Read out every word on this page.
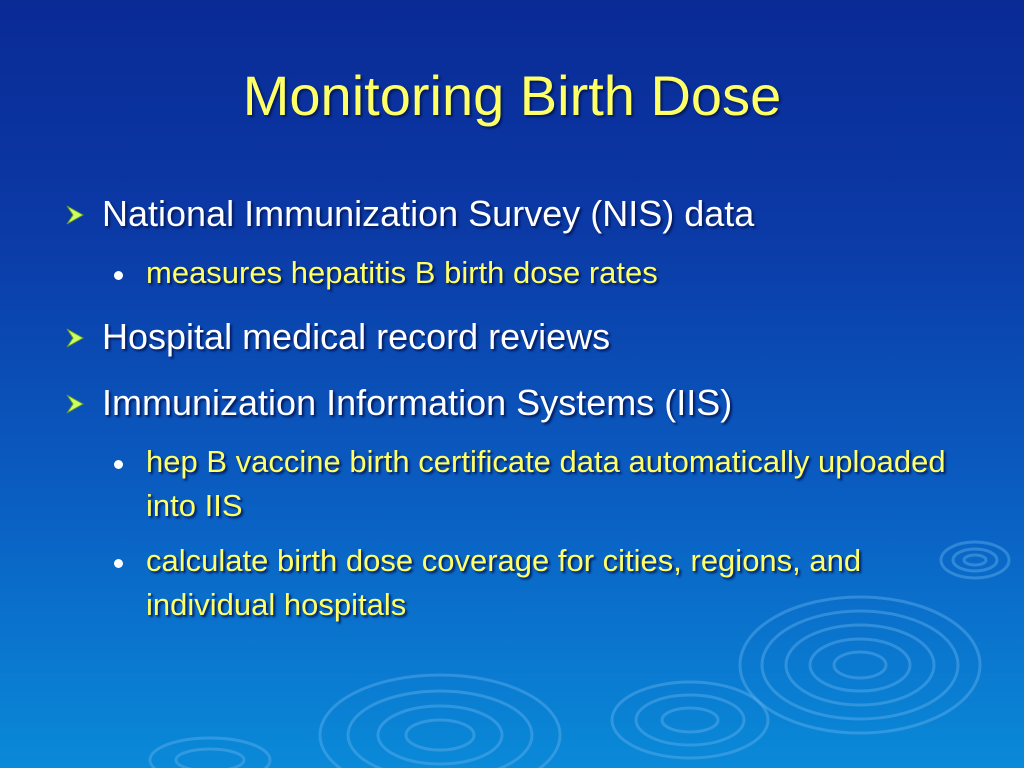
Monitoring Birth Dose
National Immunization Survey (NIS) data
measures hepatitis B birth dose rates
Hospital medical record reviews
Immunization Information Systems (IIS)
hep B vaccine birth certificate data automatically uploaded into IIS
calculate birth dose coverage for cities, regions, and individual hospitals
